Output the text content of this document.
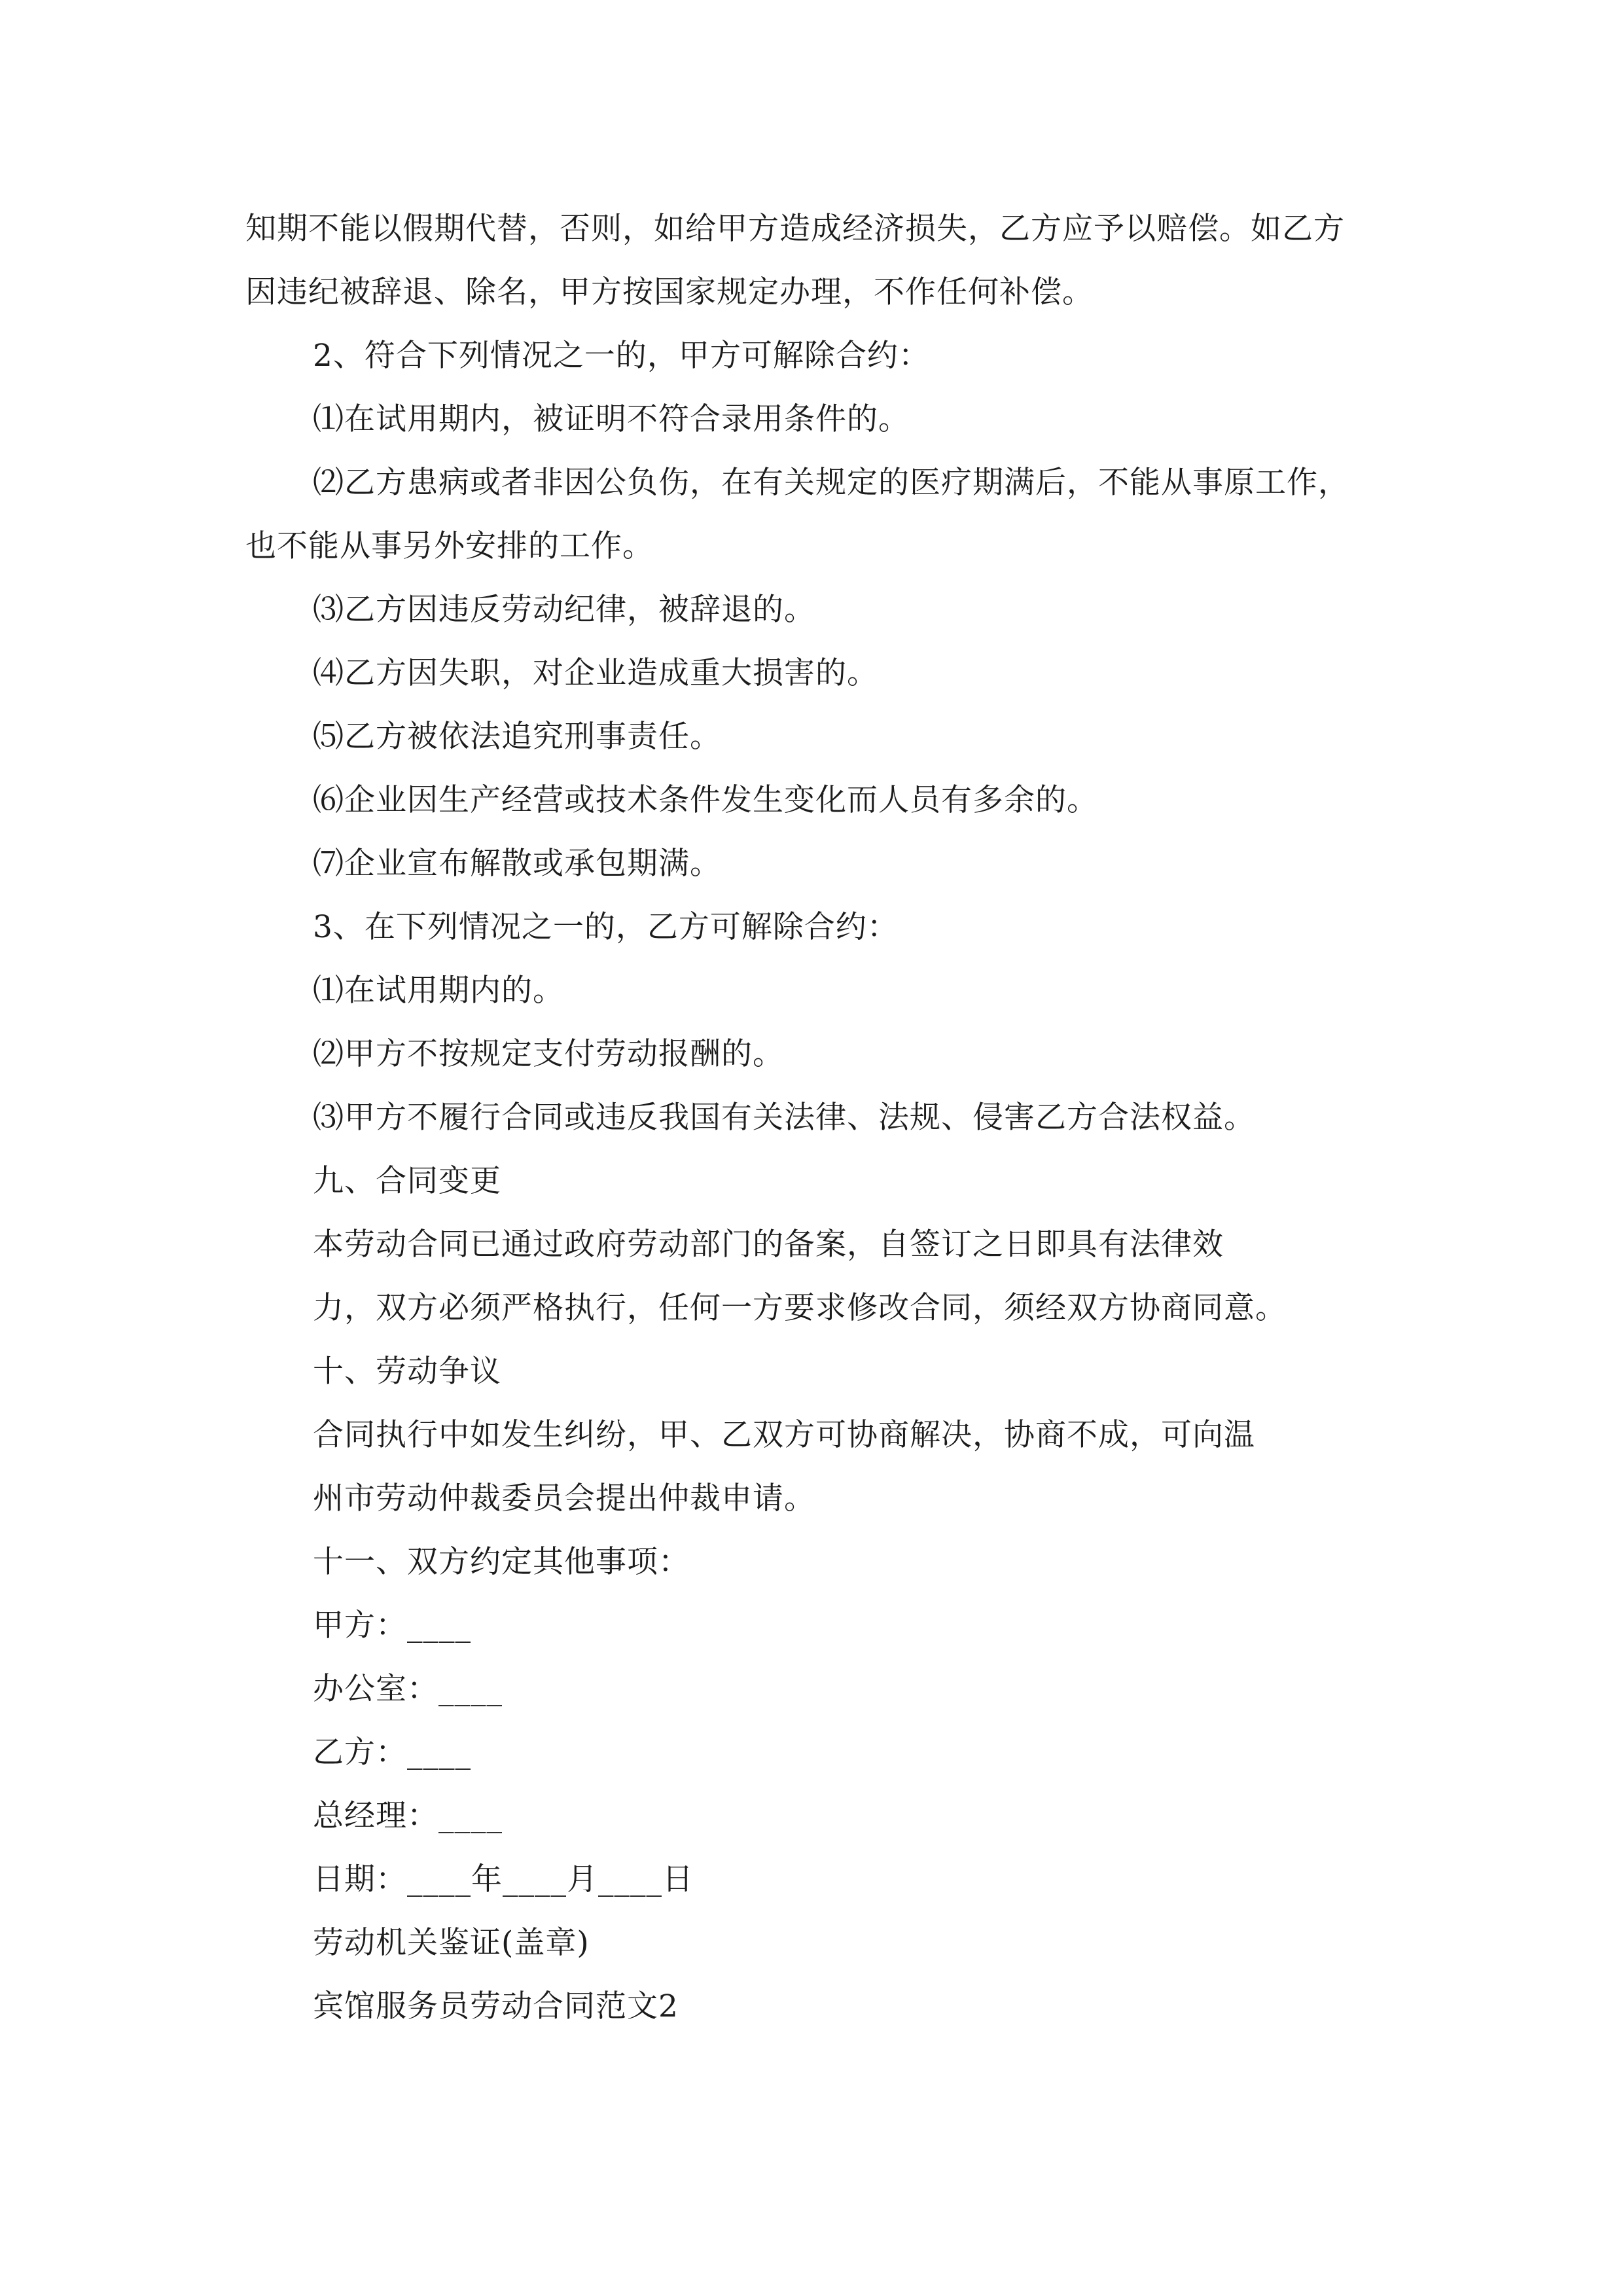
知期不能以假期代替，否则，如给甲方造成经济损失，乙方应予以赔偿。如乙方
因违纪被辞退、除名，甲方按国家规定办理，不作任何补偿。
2、符合下列情况之一的，甲方可解除合约：
⑴在试用期内，被证明不符合录用条件的。
⑵乙方患病或者非因公负伤，在有关规定的医疗期满后，不能从事原工作，
也不能从事另外安排的工作。
⑶乙方因违反劳动纪律，被辞退的。
⑷乙方因失职，对企业造成重大损害的。
⑸乙方被依法追究刑事责任。
⑹企业因生产经营或技术条件发生变化而人员有多余的。
⑺企业宣布解散或承包期满。
3、在下列情况之一的，乙方可解除合约：
⑴在试用期内的。
⑵甲方不按规定支付劳动报酬的。
⑶甲方不履行合同或违反我国有关法律、法规、侵害乙方合法权益。
九、合同变更
本劳动合同已通过政府劳动部门的备案，自签订之日即具有法律效
力，双方必须严格执行，任何一方要求修改合同，须经双方协商同意。
十、劳动争议
合同执行中如发生纠纷，甲、乙双方可协商解决，协商不成，可向温
州市劳动仲裁委员会提出仲裁申请。
十一、双方约定其他事项：
甲方：____
办公室：____
乙方：____
总经理：____
日期：____年____月____日
劳动机关鉴证(盖章)
宾馆服务员劳动合同范文2
